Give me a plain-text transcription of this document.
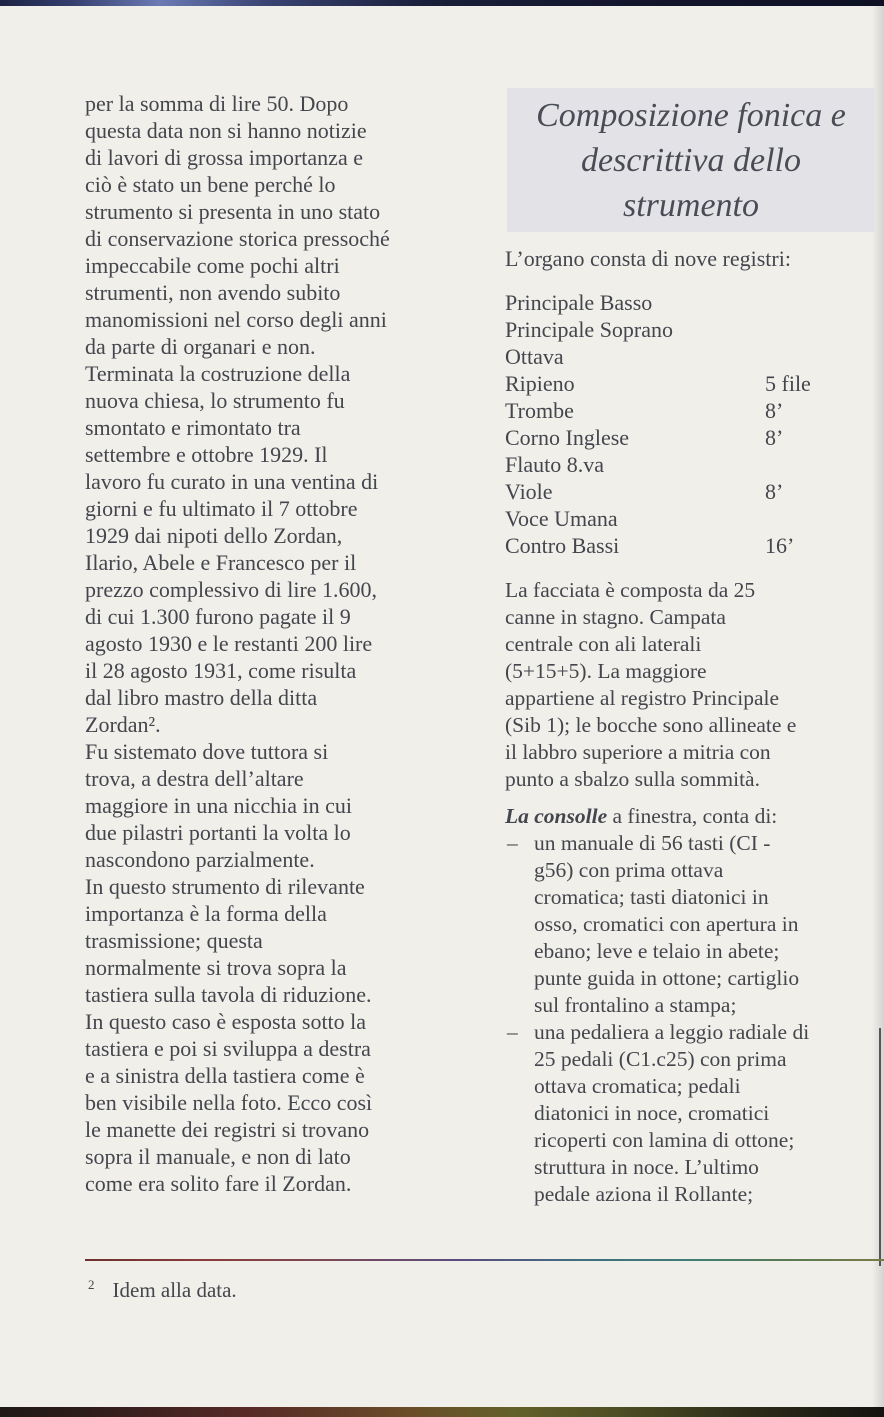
per la somma di lire 50. Dopo
questa data non si hanno notizie
di lavori di grossa importanza e
ciò è stato un bene perché lo
strumento si presenta in uno stato
di conservazione storica pressoché
impeccabile come pochi altri
strumenti, non avendo subito
manomissioni nel corso degli anni
da parte di organari e non.
Terminata la costruzione della
nuova chiesa, lo strumento fu
smontato e rimontato tra
settembre e ottobre 1929. Il
lavoro fu curato in una ventina di
giorni e fu ultimato il 7 ottobre
1929 dai nipoti dello Zordan,
Ilario, Abele e Francesco per il
prezzo complessivo di lire 1.600,
di cui 1.300 furono pagate il 9
agosto 1930 e le restanti 200 lire
il 28 agosto 1931, come risulta
dal libro mastro della ditta
Zordan².
Fu sistemato dove tuttora si
trova, a destra dell’altare
maggiore in una nicchia in cui
due pilastri portanti la volta lo
nascondono parzialmente.
In questo strumento di rilevante
importanza è la forma della
trasmissione; questa
normalmente si trova sopra la
tastiera sulla tavola di riduzione.
In questo caso è esposta sotto la
tastiera e poi si sviluppa a destra
e a sinistra della tastiera come è
ben visibile nella foto. Ecco così
le manette dei registri si trovano
sopra il manuale, e non di lato
come era solito fare il Zordan.
Composizione fonica e
descrittiva dello
strumento
L’organo consta di nove registri:
Principale Basso
Principale Soprano
Ottava
Ripieno	5 file
Trombe	8’
Corno Inglese	8’
Flauto 8.va
Viole	8’
Voce Umana
Contro Bassi	16’
La facciata è composta da 25
canne in stagno. Campata
centrale con ali laterali
(5+15+5). La maggiore
appartiene al registro Principale
(Sib 1); le bocche sono allineate e
il labbro superiore a mitria con
punto a sbalzo sulla sommità.
La consolle a finestra, conta di:
– un manuale di 56 tasti (CI -
g56) con prima ottava
cromatica; tasti diatonici in
osso, cromatici con apertura in
ebano; leve e telaio in abete;
punte guida in ottone; cartiglio
sul frontalino a stampa;
– una pedaliera a leggio radiale di
25 pedali (C1.c25) con prima
ottava cromatica; pedali
diatonici in noce, cromatici
ricoperti con lamina di ottone;
struttura in noce. L’ultimo
pedale aziona il Rollante;
$^2$ Idem alla data.
